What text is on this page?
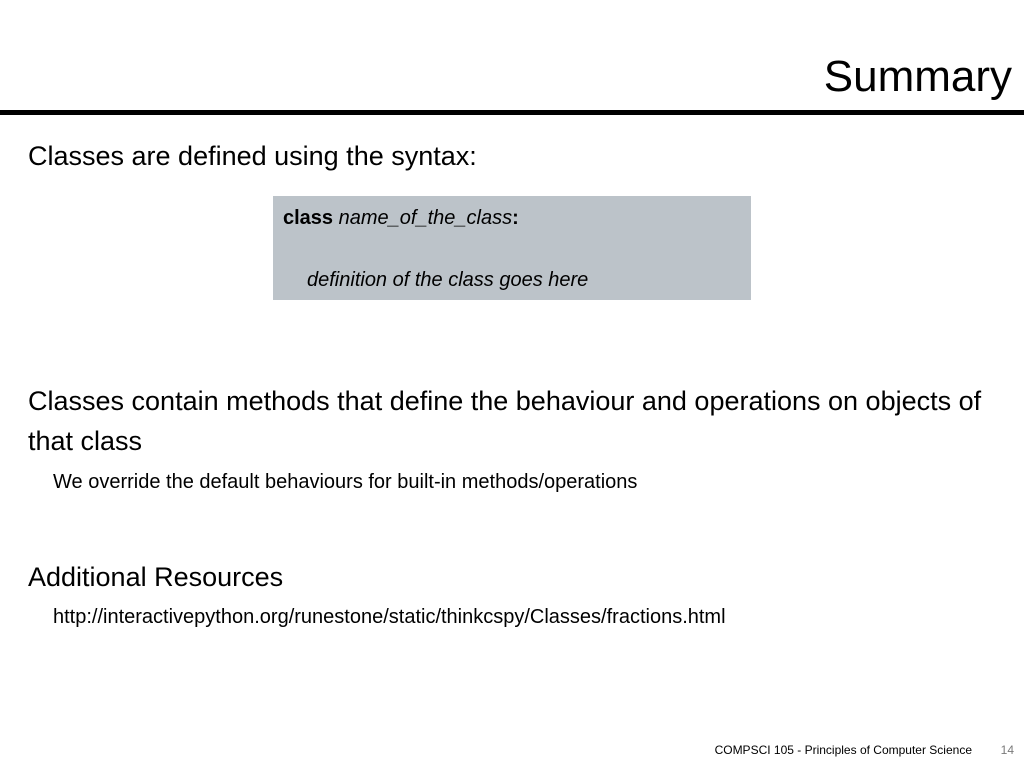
Summary

Classes are defined using the syntax:

class name_of_the_class:
definition of the class goes here

Classes contain methods that define the behaviour and operations on objects of that class

We override the default behaviours for built-in methods/operations

Additional Resources

http://interactivepython.org/runestone/static/thinkcspy/Classes/fractions.html

COMPSCI 105 - Principles of Computer Science 14
